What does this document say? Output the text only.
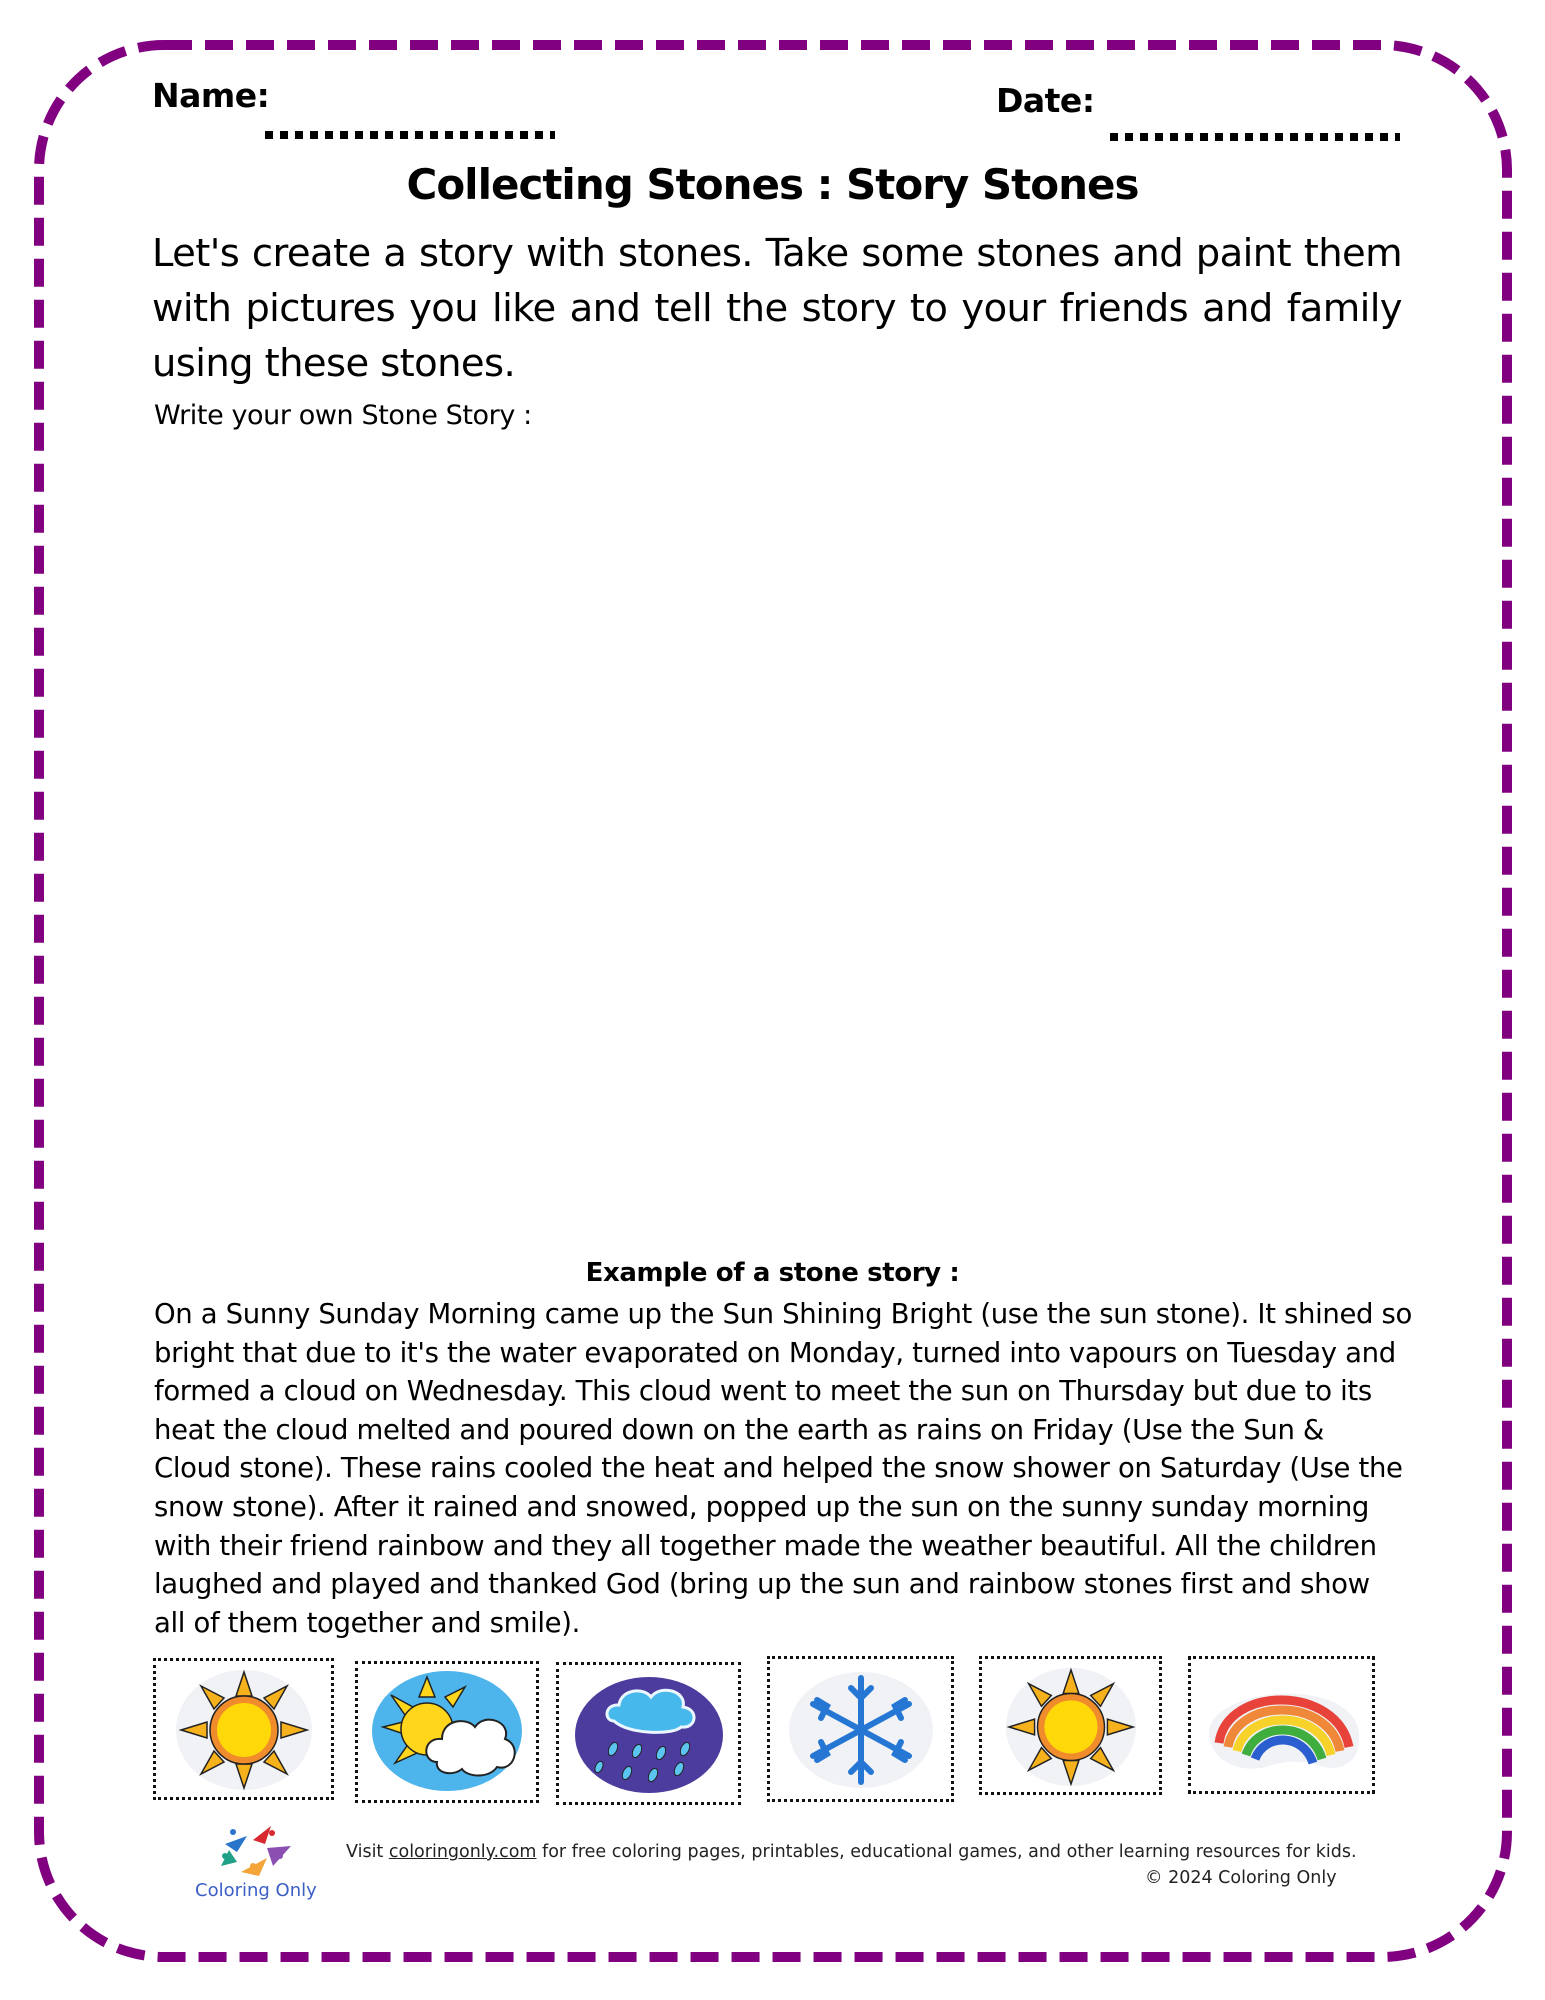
Name:	Date:
Collecting Stones : Story Stones
Let's create a story with stones. Take some stones and paint them with pictures you like and tell the story to your friends and family using these stones.
Write your own Stone Story :
Example of a stone story :
On a Sunny Sunday Morning came up the Sun Shining Bright (use the sun stone). It shined so
bright that due to it's the water evaporated on Monday, turned into vapours on Tuesday and
formed a cloud on Wednesday. This cloud went to meet the sun on Thursday but due to its
heat the cloud melted and poured down on the earth as rains on Friday (Use the Sun &
Cloud stone). These rains cooled the heat and helped the snow shower on Saturday (Use the
snow stone). After it rained and snowed, popped up the sun on the sunny sunday morning
with their friend rainbow and they all together made the weather beautiful. All the children
laughed and played and thanked God (bring up the sun and rainbow stones first and show
all of them together and smile).
Coloring Only
Visit coloringonly.com for free coloring pages, printables, educational games, and other learning resources for kids.
© 2024 Coloring Only
